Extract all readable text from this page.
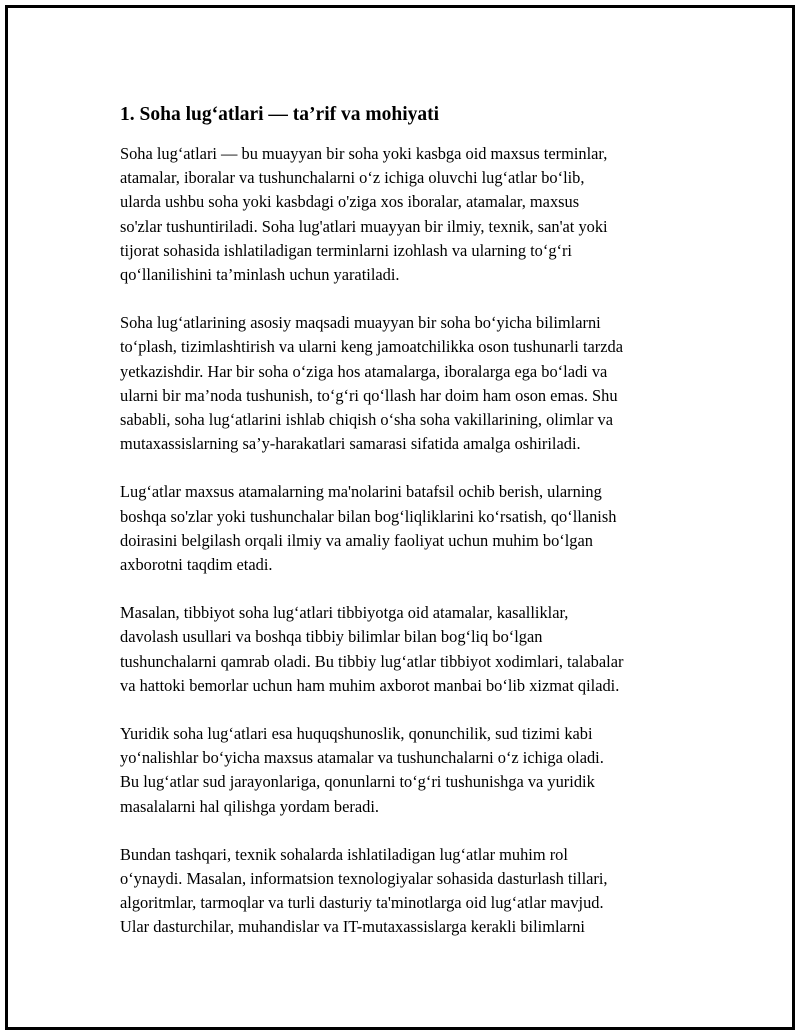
1. Soha lug‘atlari — ta’rif va mohiyati

Soha lug‘atlari — bu muayyan bir soha yoki kasbga oid maxsus terminlar,
atamalar, iboralar va tushunchalarni o‘z ichiga oluvchi lug‘atlar bo‘lib,
ularda ushbu soha yoki kasbdagi o'ziga xos iboralar, atamalar, maxsus
so'zlar tushuntiriladi. Soha lug'atlari muayyan bir ilmiy, texnik, san'at yoki
tijorat sohasida ishlatiladigan terminlarni izohlash va ularning to‘g‘ri
qo‘llanilishini ta’minlash uchun yaratiladi.

Soha lug‘atlarining asosiy maqsadi muayyan bir soha bo‘yicha bilimlarni
to‘plash, tizimlashtirish va ularni keng jamoatchilikka oson tushunarli tarzda
yetkazishdir. Har bir soha o‘ziga hos atamalarga, iboralarga ega bo‘ladi va
ularni bir ma’noda tushunish, to‘g‘ri qo‘llash har doim ham oson emas. Shu
sababli, soha lug‘atlarini ishlab chiqish o‘sha soha vakillarining, olimlar va
mutaxassislarning sa’y-harakatlari samarasi sifatida amalga oshiriladi.

Lug‘atlar maxsus atamalarning ma'nolarini batafsil ochib berish, ularning
boshqa so'zlar yoki tushunchalar bilan bog‘liqliklarini ko‘rsatish, qo‘llanish
doirasini belgilash orqali ilmiy va amaliy faoliyat uchun muhim bo‘lgan
axborotni taqdim etadi.

Masalan, tibbiyot soha lug‘atlari tibbiyotga oid atamalar, kasalliklar,
davolash usullari va boshqa tibbiy bilimlar bilan bog‘liq bo‘lgan
tushunchalarni qamrab oladi. Bu tibbiy lug‘atlar tibbiyot xodimlari, talabalar
va hattoki bemorlar uchun ham muhim axborot manbai bo‘lib xizmat qiladi.

Yuridik soha lug‘atlari esa huquqshunoslik, qonunchilik, sud tizimi kabi
yo‘nalishlar bo‘yicha maxsus atamalar va tushunchalarni o‘z ichiga oladi.
Bu lug‘atlar sud jarayonlariga, qonunlarni to‘g‘ri tushunishga va yuridik
masalalarni hal qilishga yordam beradi.

Bundan tashqari, texnik sohalarda ishlatiladigan lug‘atlar muhim rol
o‘ynaydi. Masalan, informatsion texnologiyalar sohasida dasturlash tillari,
algoritmlar, tarmoqlar va turli dasturiy ta'minotlarga oid lug‘atlar mavjud.
Ular dasturchilar, muhandislar va IT-mutaxassislarga kerakli bilimlarni
